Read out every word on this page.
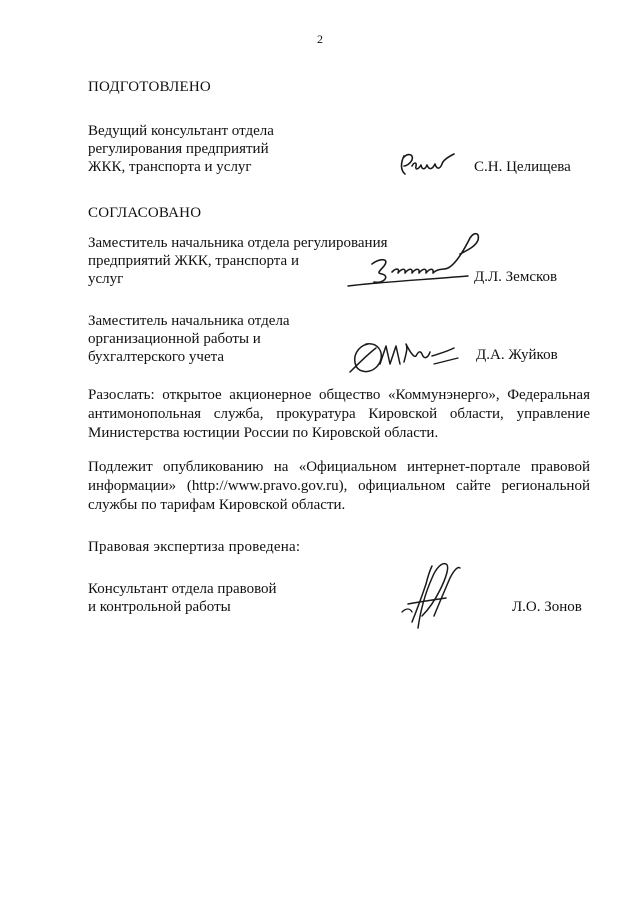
2
ПОДГОТОВЛЕНО
Ведущий консультант отдела
регулирования предприятий
ЖКК, транспорта и услуг	С.Н. Целищева
СОГЛАСОВАНО
Заместитель начальника отдела регулирования
предприятий ЖКК, транспорта и
услуг	Д.Л. Земсков
Заместитель начальника отдела
организационной работы и
бухгалтерского учета	Д.А. Жуйков
Разослать: открытое акционерное общество «Коммунэнерго», Федеральная антимонопольная служба, прокуратура Кировской области, управление Министерства юстиции России по Кировской области.
Подлежит опубликованию на «Официальном интернет-портале правовой информации» (http://www.pravo.gov.ru), официальном сайте региональной службы по тарифам Кировской области.
Правовая экспертиза проведена:
Консультант отдела правовой
и контрольной работы	Л.О. Зонов
